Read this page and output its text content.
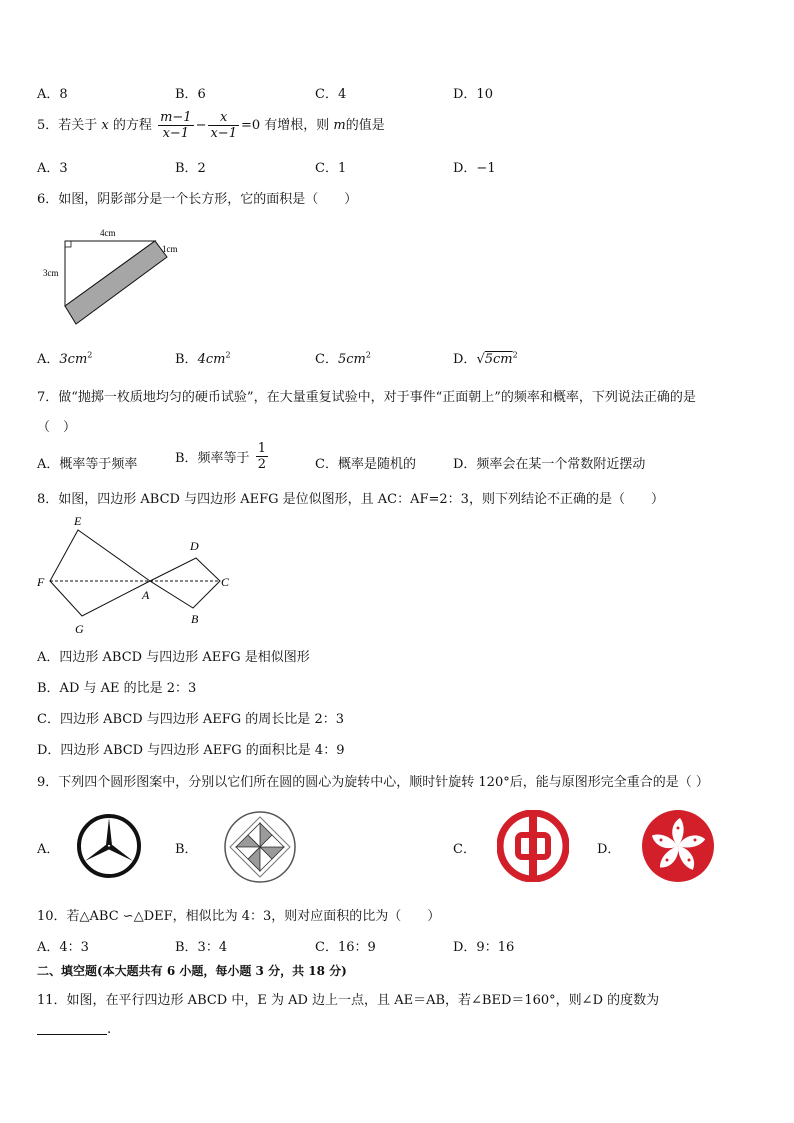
A．8	B．6	C．4	D．10
5．若关于 x 的方程 $\frac{m-1}{x-1} - \frac{x}{x-1} =0$ 有增根，则 m的值是
A．3	B．2	C．1	D．−1
6．如图，阴影部分是一个长方形，它的面积是（　　）
4cm
3cm
1cm
A．$3cm^2$	B．$4cm^2$	C．$5cm^2$	D．$√5cm^2$
7．做“抛掷一枚质地均匀的硬币试验”，在大量重复试验中，对于事件“正面朝上”的频率和概率，下列说法正确的是
（　）
A．概率等于频率	B．频率等于 $\frac{1}{2}$	C．概率是随机的	D．频率会在某一个常数附近摆动
8．如图，四边形 ABCD 与四边形 AEFG 是位似图形，且 AC：AF=2：3，则下列结论不正确的是（　　）
E
D
F	C
A
G
B
A．四边形 ABCD 与四边形 AEFG 是相似图形
B．AD 与 AE 的比是 2：3
C．四边形 ABCD 与四边形 AEFG 的周长比是 2：3
D．四边形 ABCD 与四边形 AEFG 的面积比是 4：9
9．下列四个圆形图案中，分别以它们所在圆的圆心为旋转中心，顺时针旋转 120°后，能与原图形完全重合的是（ ）
A．	B．	C．	D．
10．若△ABC ∽△DEF，相似比为 4：3，则对应面积的比为（　　）
A．4：3	B．3：4	C．16：9	D．9：16
二、填空题(本大题共有 6 小题，每小题 3 分，共 18 分)
11．如图，在平行四边形 ABCD 中，E 为 AD 边上一点，且 AE＝AB，若∠BED＝160°，则∠D 的度数为
.
